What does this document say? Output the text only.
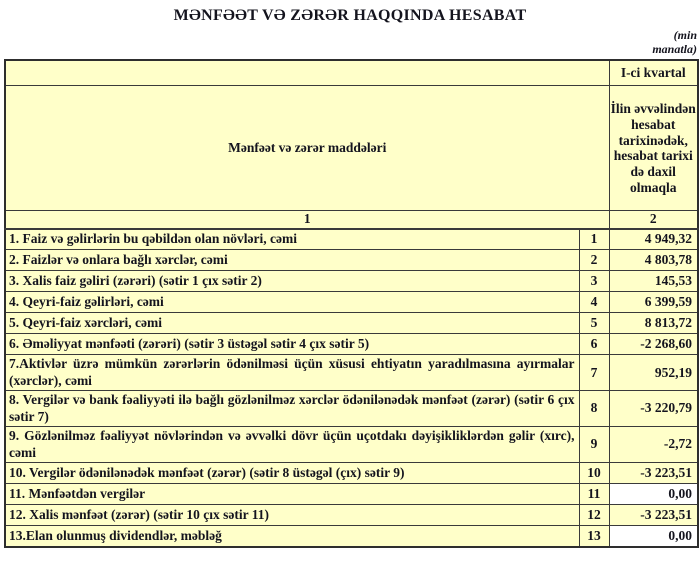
MƏNFƏƏT VƏ ZƏRƏR HAQQINDA HESABAT
(min manatla)
		I-ci kvartal
Mənfəət və zərər maddələri		İlin əvvəlindən hesabat tarixinədək, hesabat tarixi də daxil olmaqla
1		2
1. Faiz və gəlirlərin bu qəbildən olan növləri, cəmi	1	4 949,32
2. Faizlər və onlara bağlı xərclər, cəmi	2	4 803,78
3. Xalis faiz gəliri (zərəri) (sətir 1 çıx sətir 2)	3	145,53
4. Qeyri-faiz gəlirləri, cəmi	4	6 399,59
5. Qeyri-faiz xərcləri, cəmi	5	8 813,72
6. Əməliyyat mənfəəti (zərəri) (sətir 3 üstəgəl sətir 4 çıx sətir 5)	6	-2 268,60
7.Aktivlər üzrə mümkün zərərlərin ödənilməsi üçün xüsusi ehtiyatın yaradılmasına ayırmalar (xərclər), cəmi	7	952,19
8. Vergilər və bank fəaliyyəti ilə bağlı gözlənilməz xərclər ödənilənədək mənfəət (zərər) (sətir 6 çıx sətir 7)	8	-3 220,79
9. Gözlənilməz fəaliyyət növlərindən və əvvəlki dövr üçün uçotdakı dəyişikliklərdən gəlir (xırc), cəmi	9	-2,72
10. Vergilər ödənilənədək mənfəət (zərər) (sətir 8 üstəgəl (çıx) sətir 9)	10	-3 223,51
11. Mənfəətdən vergilər	11	0,00
12. Xalis mənfəət (zərər) (sətir 10 çıx sətir 11)	12	-3 223,51
13.Elan olunmuş dividendlər, məbləğ	13	0,00
